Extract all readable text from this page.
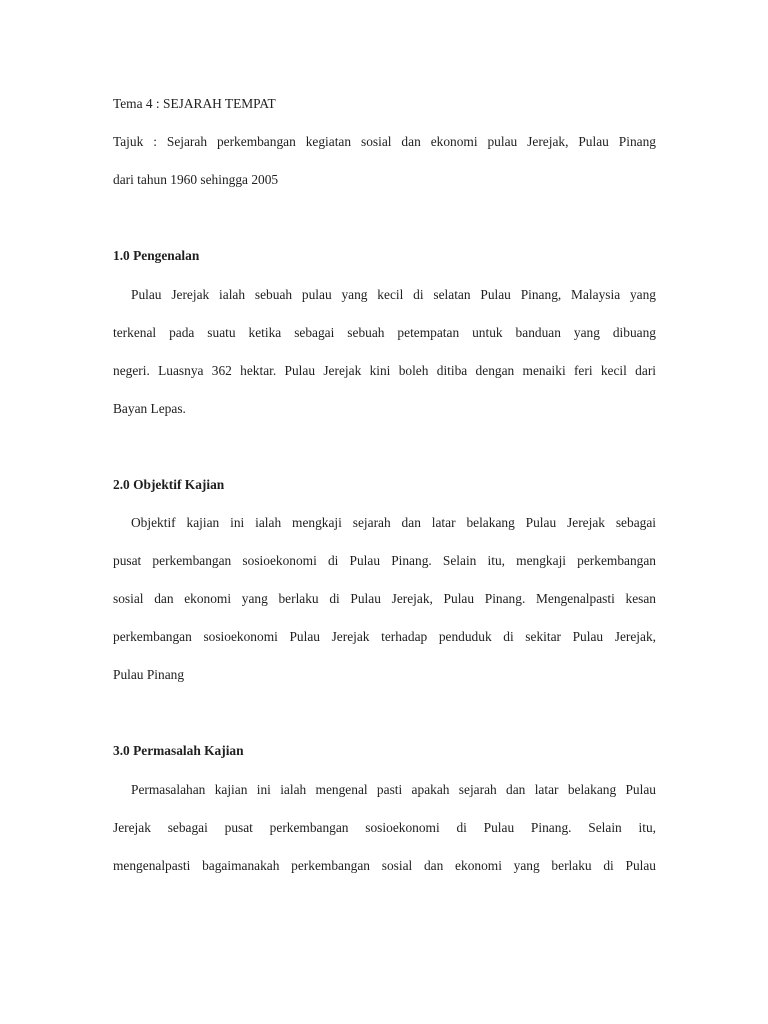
Tema 4 : SEJARAH TEMPAT
Tajuk : Sejarah perkembangan kegiatan sosial dan ekonomi pulau Jerejak, Pulau Pinang
dari tahun 1960 sehingga 2005
1.0 Pengenalan
Pulau Jerejak ialah sebuah pulau yang kecil di selatan Pulau Pinang, Malaysia yang
terkenal pada suatu ketika sebagai sebuah petempatan untuk banduan yang dibuang
negeri. Luasnya 362 hektar. Pulau Jerejak kini boleh ditiba dengan menaiki feri kecil dari
Bayan Lepas.
2.0 Objektif Kajian
Objektif kajian ini ialah mengkaji sejarah dan latar belakang Pulau Jerejak sebagai
pusat perkembangan sosioekonomi di Pulau Pinang. Selain itu, mengkaji perkembangan
sosial dan ekonomi yang berlaku di Pulau Jerejak, Pulau Pinang. Mengenalpasti kesan
perkembangan sosioekonomi Pulau Jerejak terhadap penduduk di sekitar Pulau Jerejak,
Pulau Pinang
3.0 Permasalah Kajian
Permasalahan kajian ini ialah mengenal pasti apakah sejarah dan latar belakang Pulau
Jerejak sebagai pusat perkembangan sosioekonomi di Pulau Pinang. Selain itu,
mengenalpasti bagaimanakah perkembangan sosial dan ekonomi yang berlaku di Pulau
